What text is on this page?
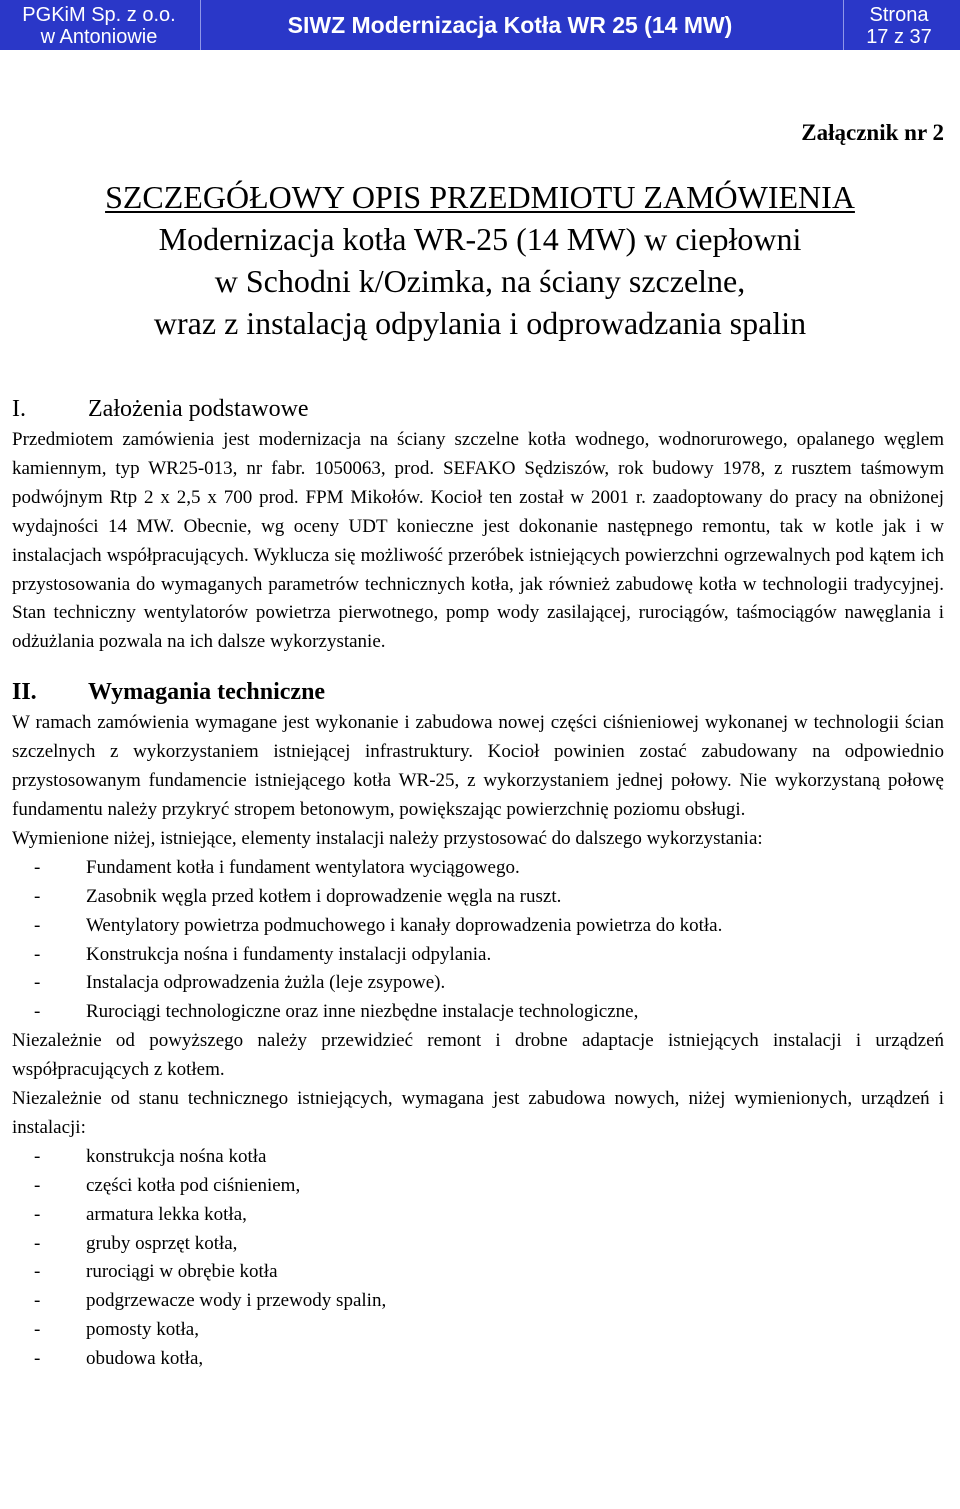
PGKiM Sp. z o.o.
w Antoniowie	SIWZ Modernizacja Kotła WR 25 (14 MW)	Strona
17 z 37
Załącznik nr 2
SZCZEGÓŁOWY OPIS PRZEDMIOTU ZAMÓWIENIA
Modernizacja kotła WR-25 (14 MW) w ciepłowni
w Schodni k/Ozimka, na ściany szczelne,
wraz z instalacją odpylania i odprowadzania spalin
I.	Założenia podstawowe

Przedmiotem zamówienia jest modernizacja na ściany szczelne kotła wodnego, wodnorurowego, opalanego węglem kamiennym, typ WR25-013, nr fabr. 1050063, prod. SEFAKO Sędziszów, rok budowy 1978, z rusztem taśmowym podwójnym Rtp 2 x 2,5 x 700 prod. FPM Mikołów. Kocioł ten został w 2001 r. zaadoptowany do pracy na obniżonej wydajności 14 MW. Obecnie, wg oceny UDT konieczne jest dokonanie następnego remontu, tak w kotle jak i w instalacjach współpracujących. Wyklucza się możliwość przeróbek istniejących powierzchni ogrzewalnych pod kątem ich przystosowania do wymaganych parametrów technicznych kotła, jak również zabudowę kotła w technologii tradycyjnej. Stan techniczny wentylatorów powietrza pierwotnego, pomp wody zasilającej, rurociągów, taśmociągów nawęglania i odżużlania pozwala na ich dalsze wykorzystanie.

II.	Wymagania techniczne

W ramach zamówienia wymagane jest wykonanie i zabudowa nowej części ciśnieniowej wykonanej w technologii ścian szczelnych z wykorzystaniem istniejącej infrastruktury. Kocioł powinien zostać zabudowany na odpowiednio przystosowanym fundamencie istniejącego kotła WR-25, z wykorzystaniem jednej połowy. Nie wykorzystaną połowę fundamentu należy przykryć stropem betonowym, powiększając powierzchnię poziomu obsługi.

Wymienione niżej, istniejące, elementy instalacji należy przystosować do dalszego wykorzystania:

- Fundament kotła i fundament wentylatora wyciągowego.
- Zasobnik węgla przed kotłem i doprowadzenie węgla na ruszt.
- Wentylatory powietrza podmuchowego i kanały doprowadzenia powietrza do kotła.
- Konstrukcja nośna i fundamenty instalacji odpylania.
- Instalacja odprowadzenia żużla (leje zsypowe).
- Rurociągi technologiczne oraz inne niezbędne instalacje technologiczne,

Niezależnie od powyższego należy przewidzieć remont i drobne adaptacje istniejących instalacji i urządzeń współpracujących z kotłem.

Niezależnie od stanu technicznego istniejących, wymagana jest zabudowa nowych, niżej wymienionych, urządzeń i instalacji:

- konstrukcja nośna kotła
- części kotła pod ciśnieniem,
- armatura lekka kotła,
- gruby osprzęt kotła,
- rurociągi w obrębie kotła
- podgrzewacze wody i przewody spalin,
- pomosty kotła,
- obudowa kotła,
